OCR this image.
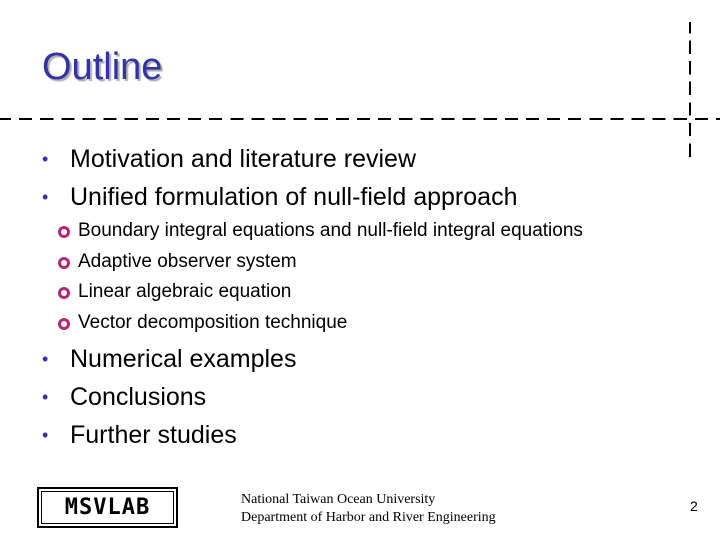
Outline
• Motivation and literature review
• Unified formulation of null-field approach
Boundary integral equations and null-field integral equations
Adaptive observer system
Linear algebraic equation
Vector decomposition technique
• Numerical examples
• Conclusions
• Further studies
MSVLAB	National Taiwan Ocean University
Department of Harbor and River Engineering
2
